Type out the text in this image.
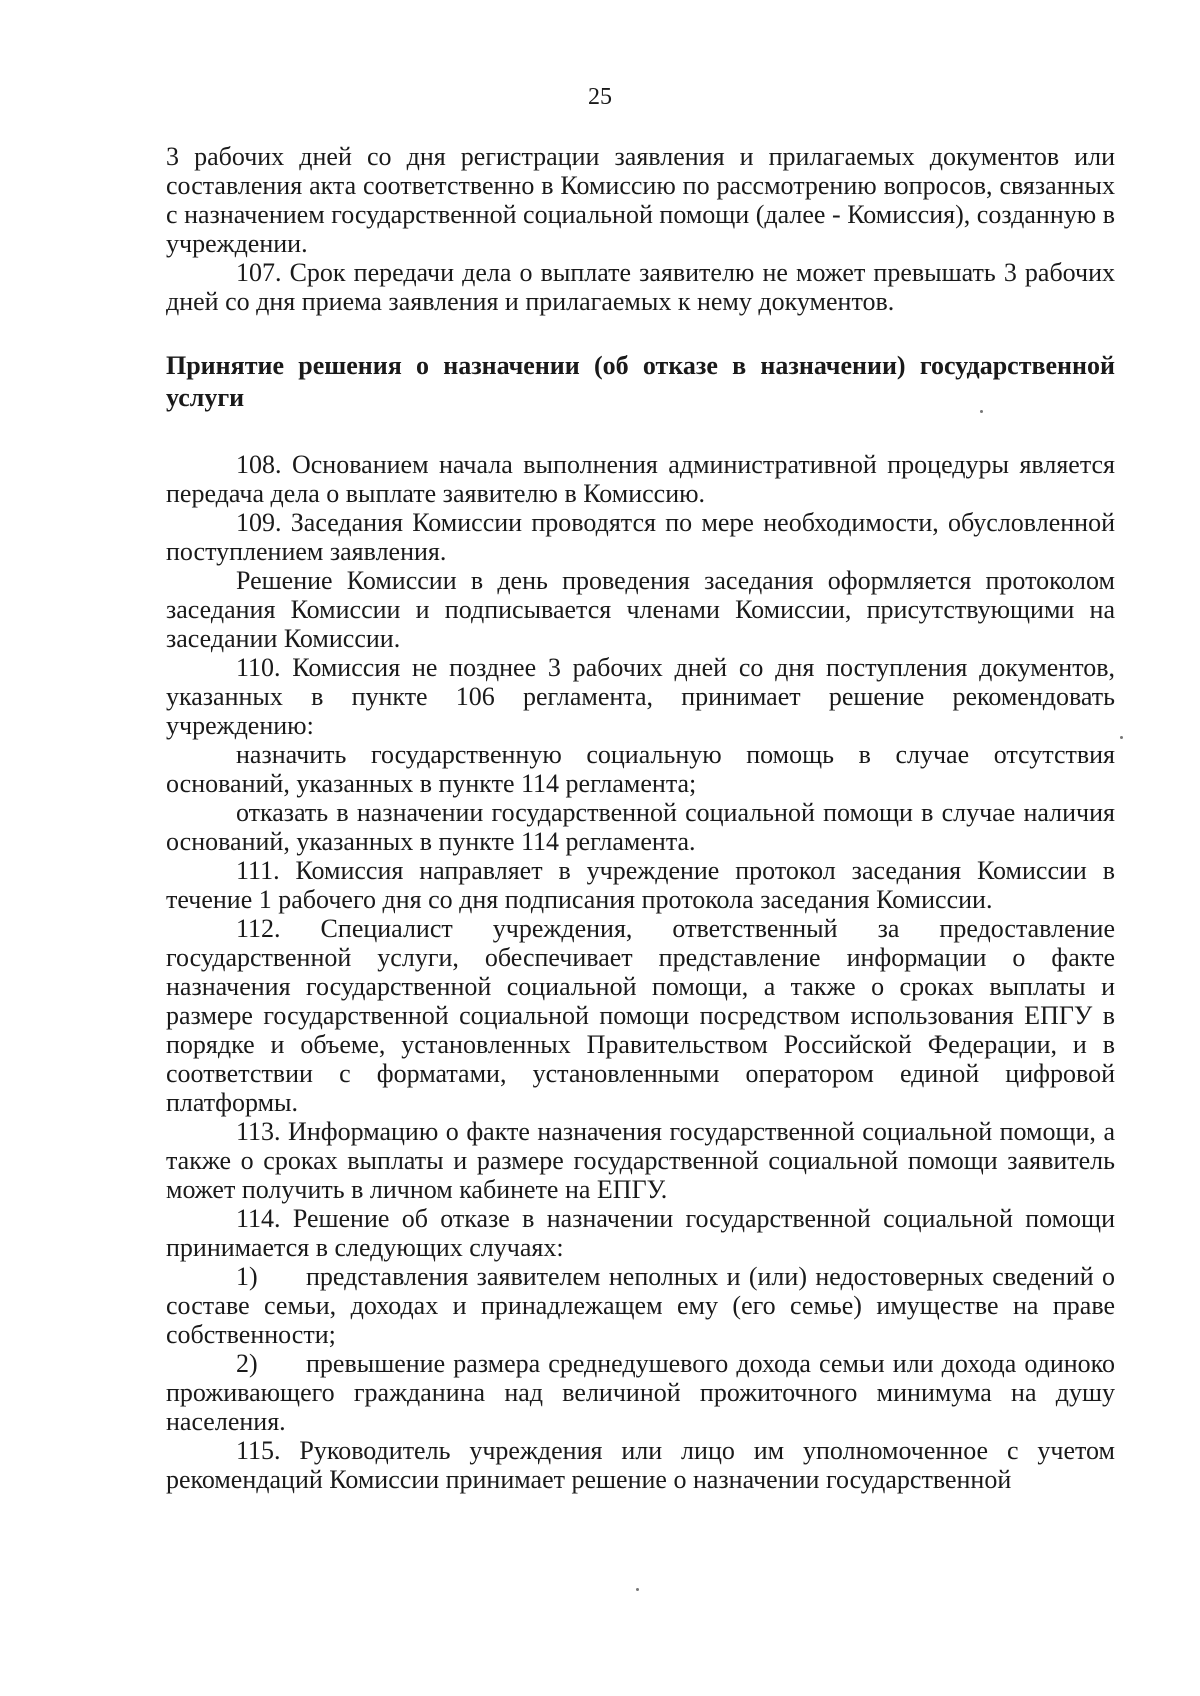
25

3 рабочих дней со дня регистрации заявления и прилагаемых документов или составления акта соответственно в Комиссию по рассмотрению вопросов, связанных с назначением государственной социальной помощи (далее - Комиссия), созданную в учреждении.

107. Срок передачи дела о выплате заявителю не может превышать 3 рабочих дней со дня приема заявления и прилагаемых к нему документов.

Принятие решения о назначении (об отказе в назначении) государственной услуги

108. Основанием начала выполнения административной процедуры является передача дела о выплате заявителю в Комиссию.

109. Заседания Комиссии проводятся по мере необходимости, обусловленной поступлением заявления.

Решение Комиссии в день проведения заседания оформляется протоколом заседания Комиссии и подписывается членами Комиссии, присутствующими на заседании Комиссии.

110. Комиссия не позднее 3 рабочих дней со дня поступления документов, указанных в пункте 106 регламента, принимает решение рекомендовать учреждению:

назначить государственную социальную помощь в случае отсутствия оснований, указанных в пункте 114 регламента;

отказать в назначении государственной социальной помощи в случае наличия оснований, указанных в пункте 114 регламента.

111. Комиссия направляет в учреждение протокол заседания Комиссии в течение 1 рабочего дня со дня подписания протокола заседания Комиссии.

112. Специалист учреждения, ответственный за предоставление государственной услуги, обеспечивает представление информации о факте назначения государственной социальной помощи, а также о сроках выплаты и размере государственной социальной помощи посредством использования ЕПГУ в порядке и объеме, установленных Правительством Российской Федерации, и в соответствии с форматами, установленными оператором единой цифровой платформы.

113. Информацию о факте назначения государственной социальной помощи, а также о сроках выплаты и размере государственной социальной помощи заявитель может получить в личном кабинете на ЕПГУ.

114. Решение об отказе в назначении государственной социальной помощи принимается в следующих случаях:

1) представления заявителем неполных и (или) недостоверных сведений о составе семьи, доходах и принадлежащем ему (его семье) имуществе на праве собственности;

2) превышение размера среднедушевого дохода семьи или дохода одиноко проживающего гражданина над величиной прожиточного минимума на душу населения.

115. Руководитель учреждения или лицо им уполномоченное с учетом рекомендаций Комиссии принимает решение о назначении государственной
